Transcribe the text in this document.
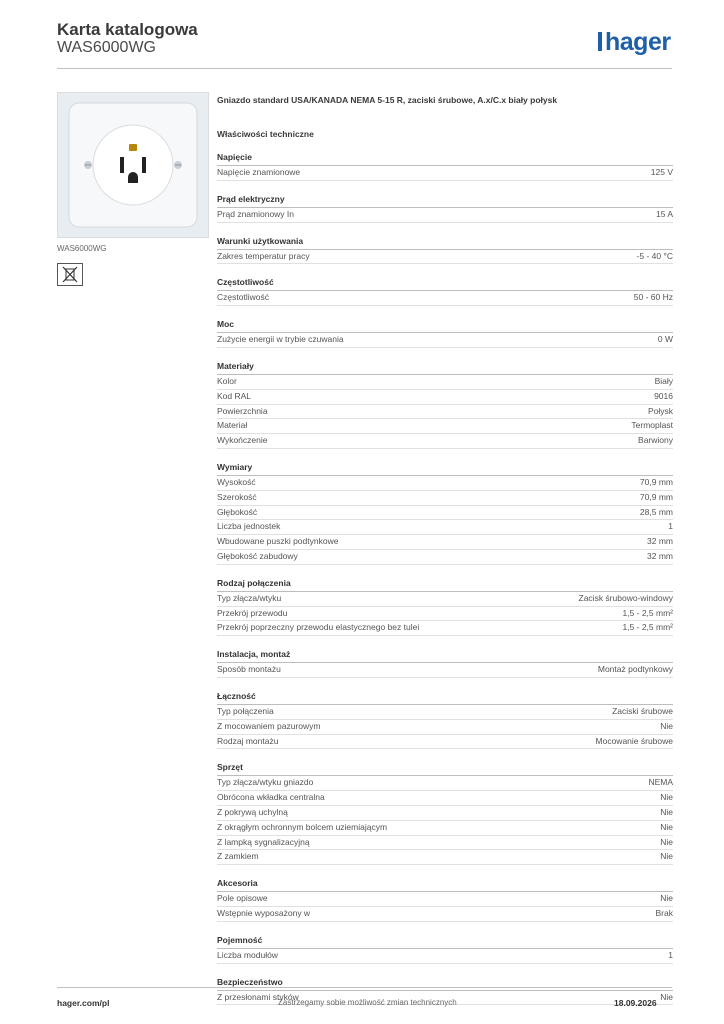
Karta katalogowa
WAS6000WG	hager
WAS6000WG
Gniazdo standard USA/KANADA NEMA 5-15 R, zaciski śrubowe, A.x/C.x biały połysk
Właściwości techniczne
Napięcie
Napięcie znamionowe	125 V
Prąd elektryczny
Prąd znamionowy In	15 A
Warunki użytkowania
Zakres temperatur pracy	-5 - 40 °C
Częstotliwość
Częstotliwość	50 - 60 Hz
Moc
Zużycie energii w trybie czuwania	0 W
Materiały
Kolor	Biały
Kod RAL	9016
Powierzchnia	Połysk
Materiał	Termoplast
Wykończenie	Barwiony
Wymiary
Wysokość	70,9 mm
Szerokość	70,9 mm
Głębokość	28,5 mm
Liczba jednostek	1
Wbudowane puszki podtynkowe	32 mm
Głębokość zabudowy	32 mm
Rodzaj połączenia
Typ złącza/wtyku	Zacisk śrubowo-windowy
Przekrój przewodu	1,5 - 2,5 mm²
Przekrój poprzeczny przewodu elastycznego bez tulei	1,5 - 2,5 mm²
Instalacja, montaż
Sposób montażu	Montaż podtynkowy
Łączność
Typ połączenia	Zaciski śrubowe
Z mocowaniem pazurowym	Nie
Rodzaj montażu	Mocowanie śrubowe
Sprzęt
Typ złącza/wtyku gniazdo	NEMA
Obrócona wkładka centralna	Nie
Z pokrywą uchylną	Nie
Z okrągłym ochronnym bolcem uziemiającym	Nie
Z lampką sygnalizacyjną	Nie
Z zamkiem	Nie
Akcesoria
Pole opisowe	Nie
Wstępnie wyposażony w	Brak
Pojemność
Liczba modułów	1
Bezpieczeństwo
Z przesłonami styków	Nie
hager.com/pl	Zastrzegamy sobie możliwość zmian technicznych	18.09.2026
